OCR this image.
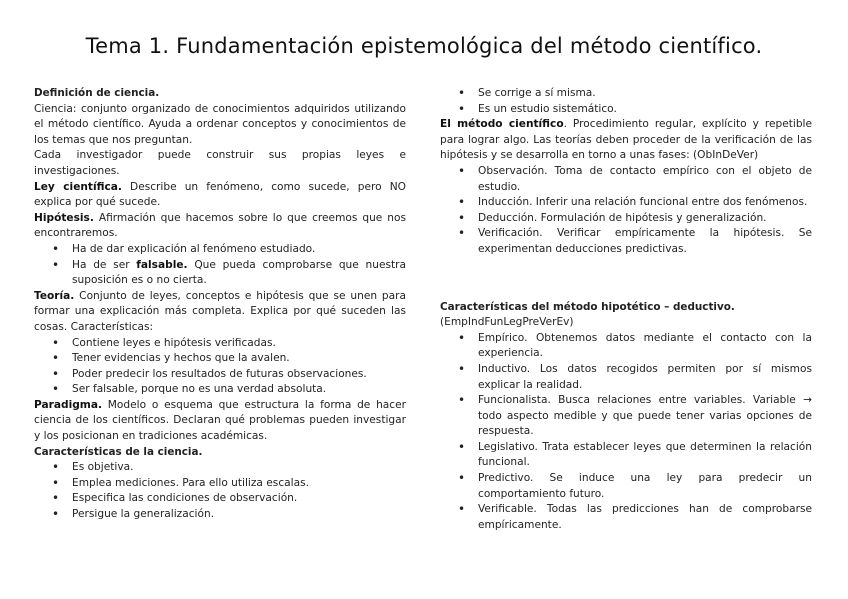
Tema 1. Fundamentación epistemológica del método científico.

Definición de ciencia.

Ciencia: conjunto organizado de conocimientos adquiridos utilizando el método científico. Ayuda a ordenar conceptos y conocimientos de los temas que nos preguntan.

Cada investigador puede construir sus propias leyes e investigaciones.

Ley científica. Describe un fenómeno, como sucede, pero NO explica por qué sucede.

Hipótesis. Afirmación que hacemos sobre lo que creemos que nos encontraremos.

• Ha de dar explicación al fenómeno estudiado.
• Ha de ser falsable. Que pueda comprobarse que nuestra suposición es o no cierta.

Teoría. Conjunto de leyes, conceptos e hipótesis que se unen para formar una explicación más completa. Explica por qué suceden las cosas. Características:

• Contiene leyes e hipótesis verificadas.
• Tener evidencias y hechos que la avalen.
• Poder predecir los resultados de futuras observaciones.
• Ser falsable, porque no es una verdad absoluta.

Paradigma. Modelo o esquema que estructura la forma de hacer ciencia de los científicos. Declaran qué problemas pueden investigar y los posicionan en tradiciones académicas.

Características de la ciencia.

• Es objetiva.
• Emplea mediciones. Para ello utiliza escalas.
• Especifica las condiciones de observación.
• Persigue la generalización.
• Se corrige a sí misma.
• Es un estudio sistemático.

El método científico. Procedimiento regular, explícito y repetible para lograr algo. Las teorías deben proceder de la verificación de las hipótesis y se desarrolla en torno a unas fases: (ObInDeVer)

• Observación. Toma de contacto empírico con el objeto de estudio.
• Inducción. Inferir una relación funcional entre dos fenómenos.
• Deducción. Formulación de hipótesis y generalización.
• Verificación. Verificar empíricamente la hipótesis. Se experimentan deducciones predictivas.

Características del método hipotético – deductivo.

(EmpIndFunLegPreVerEv)

• Empírico. Obtenemos datos mediante el contacto con la experiencia.
• Inductivo. Los datos recogidos permiten por sí mismos explicar la realidad.
• Funcionalista. Busca relaciones entre variables. Variable → todo aspecto medible y que puede tener varias opciones de respuesta.
• Legislativo. Trata establecer leyes que determinen la relación funcional.
• Predictivo. Se induce una ley para predecir un comportamiento futuro.
• Verificable. Todas las predicciones han de comprobarse empíricamente.
